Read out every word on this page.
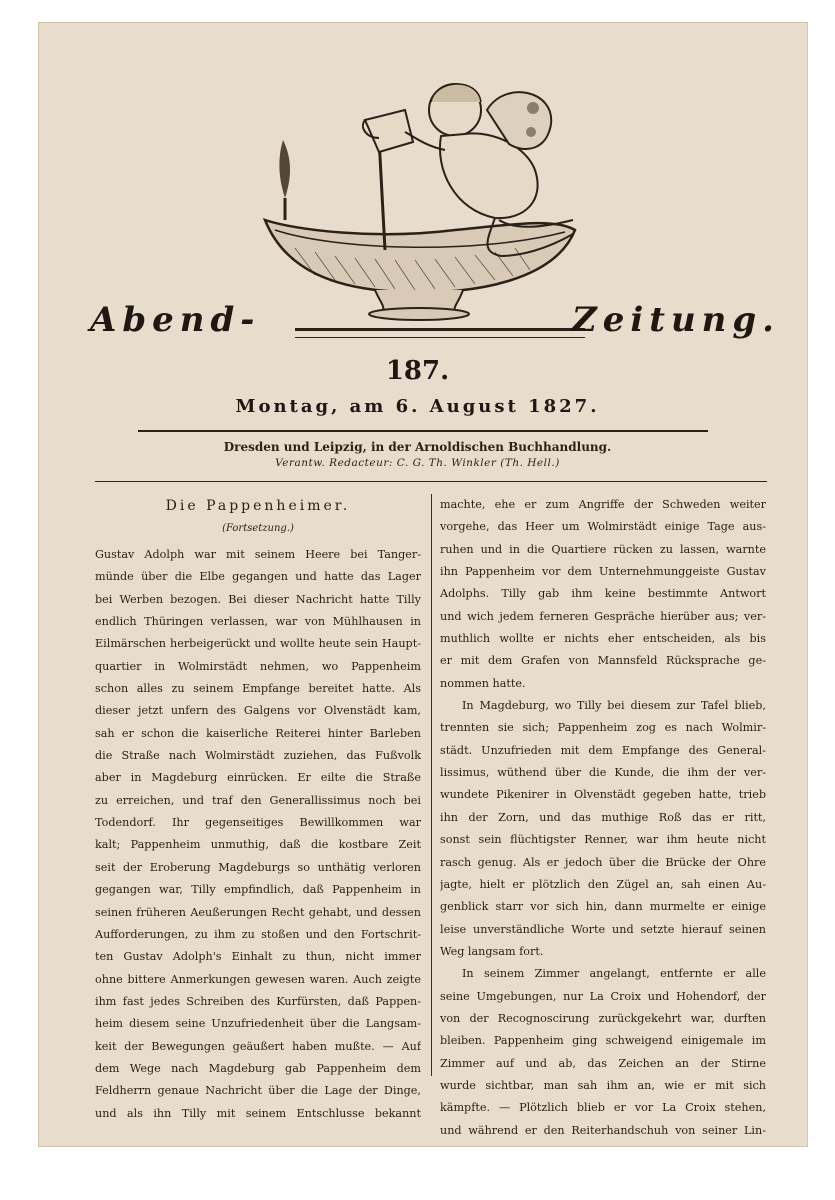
Abend-	Zeitung.
187.
Montag, am 6. August 1827.
Dresden und Leipzig, in der Arnoldischen Buchhandlung.
Verantw. Redacteur: C. G. Th. Winkler (Th. Hell.)
Die Pappenheimer.
(Fortsetzung.)
Gustav Adolph war mit seinem Heere bei Tanger-
münde über die Elbe gegangen und hatte das Lager
bei Werben bezogen. Bei dieser Nachricht hatte Tilly
endlich Thüringen verlassen, war von Mühlhausen in
Eilmärschen herbeigerückt und wollte heute sein Haupt-
quartier in Wolmirstädt nehmen, wo Pappenheim
schon alles zu seinem Empfange bereitet hatte. Als
dieser jetzt unfern des Galgens vor Olvenstädt kam,
sah er schon die kaiserliche Reiterei hinter Barleben
die Straße nach Wolmirstädt zuziehen, das Fußvolk
aber in Magdeburg einrücken. Er eilte die Straße
zu erreichen, und traf den Generallissimus noch bei
Todendorf. Ihr gegenseitiges Bewillkommen war
kalt; Pappenheim unmuthig, daß die kostbare Zeit
seit der Eroberung Magdeburgs so unthätig verloren
gegangen war, Tilly empfindlich, daß Pappenheim in
seinen früheren Aeußerungen Recht gehabt, und dessen
Aufforderungen, zu ihm zu stoßen und den Fortschrit-
ten Gustav Adolph's Einhalt zu thun, nicht immer
ohne bittere Anmerkungen gewesen waren. Auch zeigte
ihm fast jedes Schreiben des Kurfürsten, daß Pappen-
heim diesem seine Unzufriedenheit über die Langsam-
keit der Bewegungen geäußert haben mußte. — Auf
dem Wege nach Magdeburg gab Pappenheim dem
Feldherrn genaue Nachricht über die Lage der Dinge,
und als ihn Tilly mit seinem Entschlusse bekannt
machte, ehe er zum Angriffe der Schweden weiter
vorgehe, das Heer um Wolmirstädt einige Tage aus-
ruhen und in die Quartiere rücken zu lassen, warnte
ihn Pappenheim vor dem Unternehmunggeiste Gustav
Adolphs. Tilly gab ihm keine bestimmte Antwort
und wich jedem ferneren Gespräche hierüber aus; ver-
muthlich wollte er nichts eher entscheiden, als bis
er mit dem Grafen von Mannsfeld Rücksprache ge-
nommen hatte.
In Magdeburg, wo Tilly bei diesem zur Tafel blieb,
trennten sie sich; Pappenheim zog es nach Wolmir-
städt. Unzufrieden mit dem Empfange des General-
lissimus, wüthend über die Kunde, die ihm der ver-
wundete Pikenirer in Olvenstädt gegeben hatte, trieb
ihn der Zorn, und das muthige Roß das er ritt,
sonst sein flüchtigster Renner, war ihm heute nicht
rasch genug. Als er jedoch über die Brücke der Ohre
jagte, hielt er plötzlich den Zügel an, sah einen Au-
genblick starr vor sich hin, dann murmelte er einige
leise unverständliche Worte und setzte hierauf seinen
Weg langsam fort.
In seinem Zimmer angelangt, entfernte er alle
seine Umgebungen, nur La Croix und Hohendorf, der
von der Recognoscirung zurückgekehrt war, durften
bleiben. Pappenheim ging schweigend einigemale im
Zimmer auf und ab, das Zeichen an der Stirne
wurde sichtbar, man sah ihm an, wie er mit sich
kämpfte. — Plötzlich blieb er vor La Croix stehen,
und während er den Reiterhandschuh von seiner Lin-
